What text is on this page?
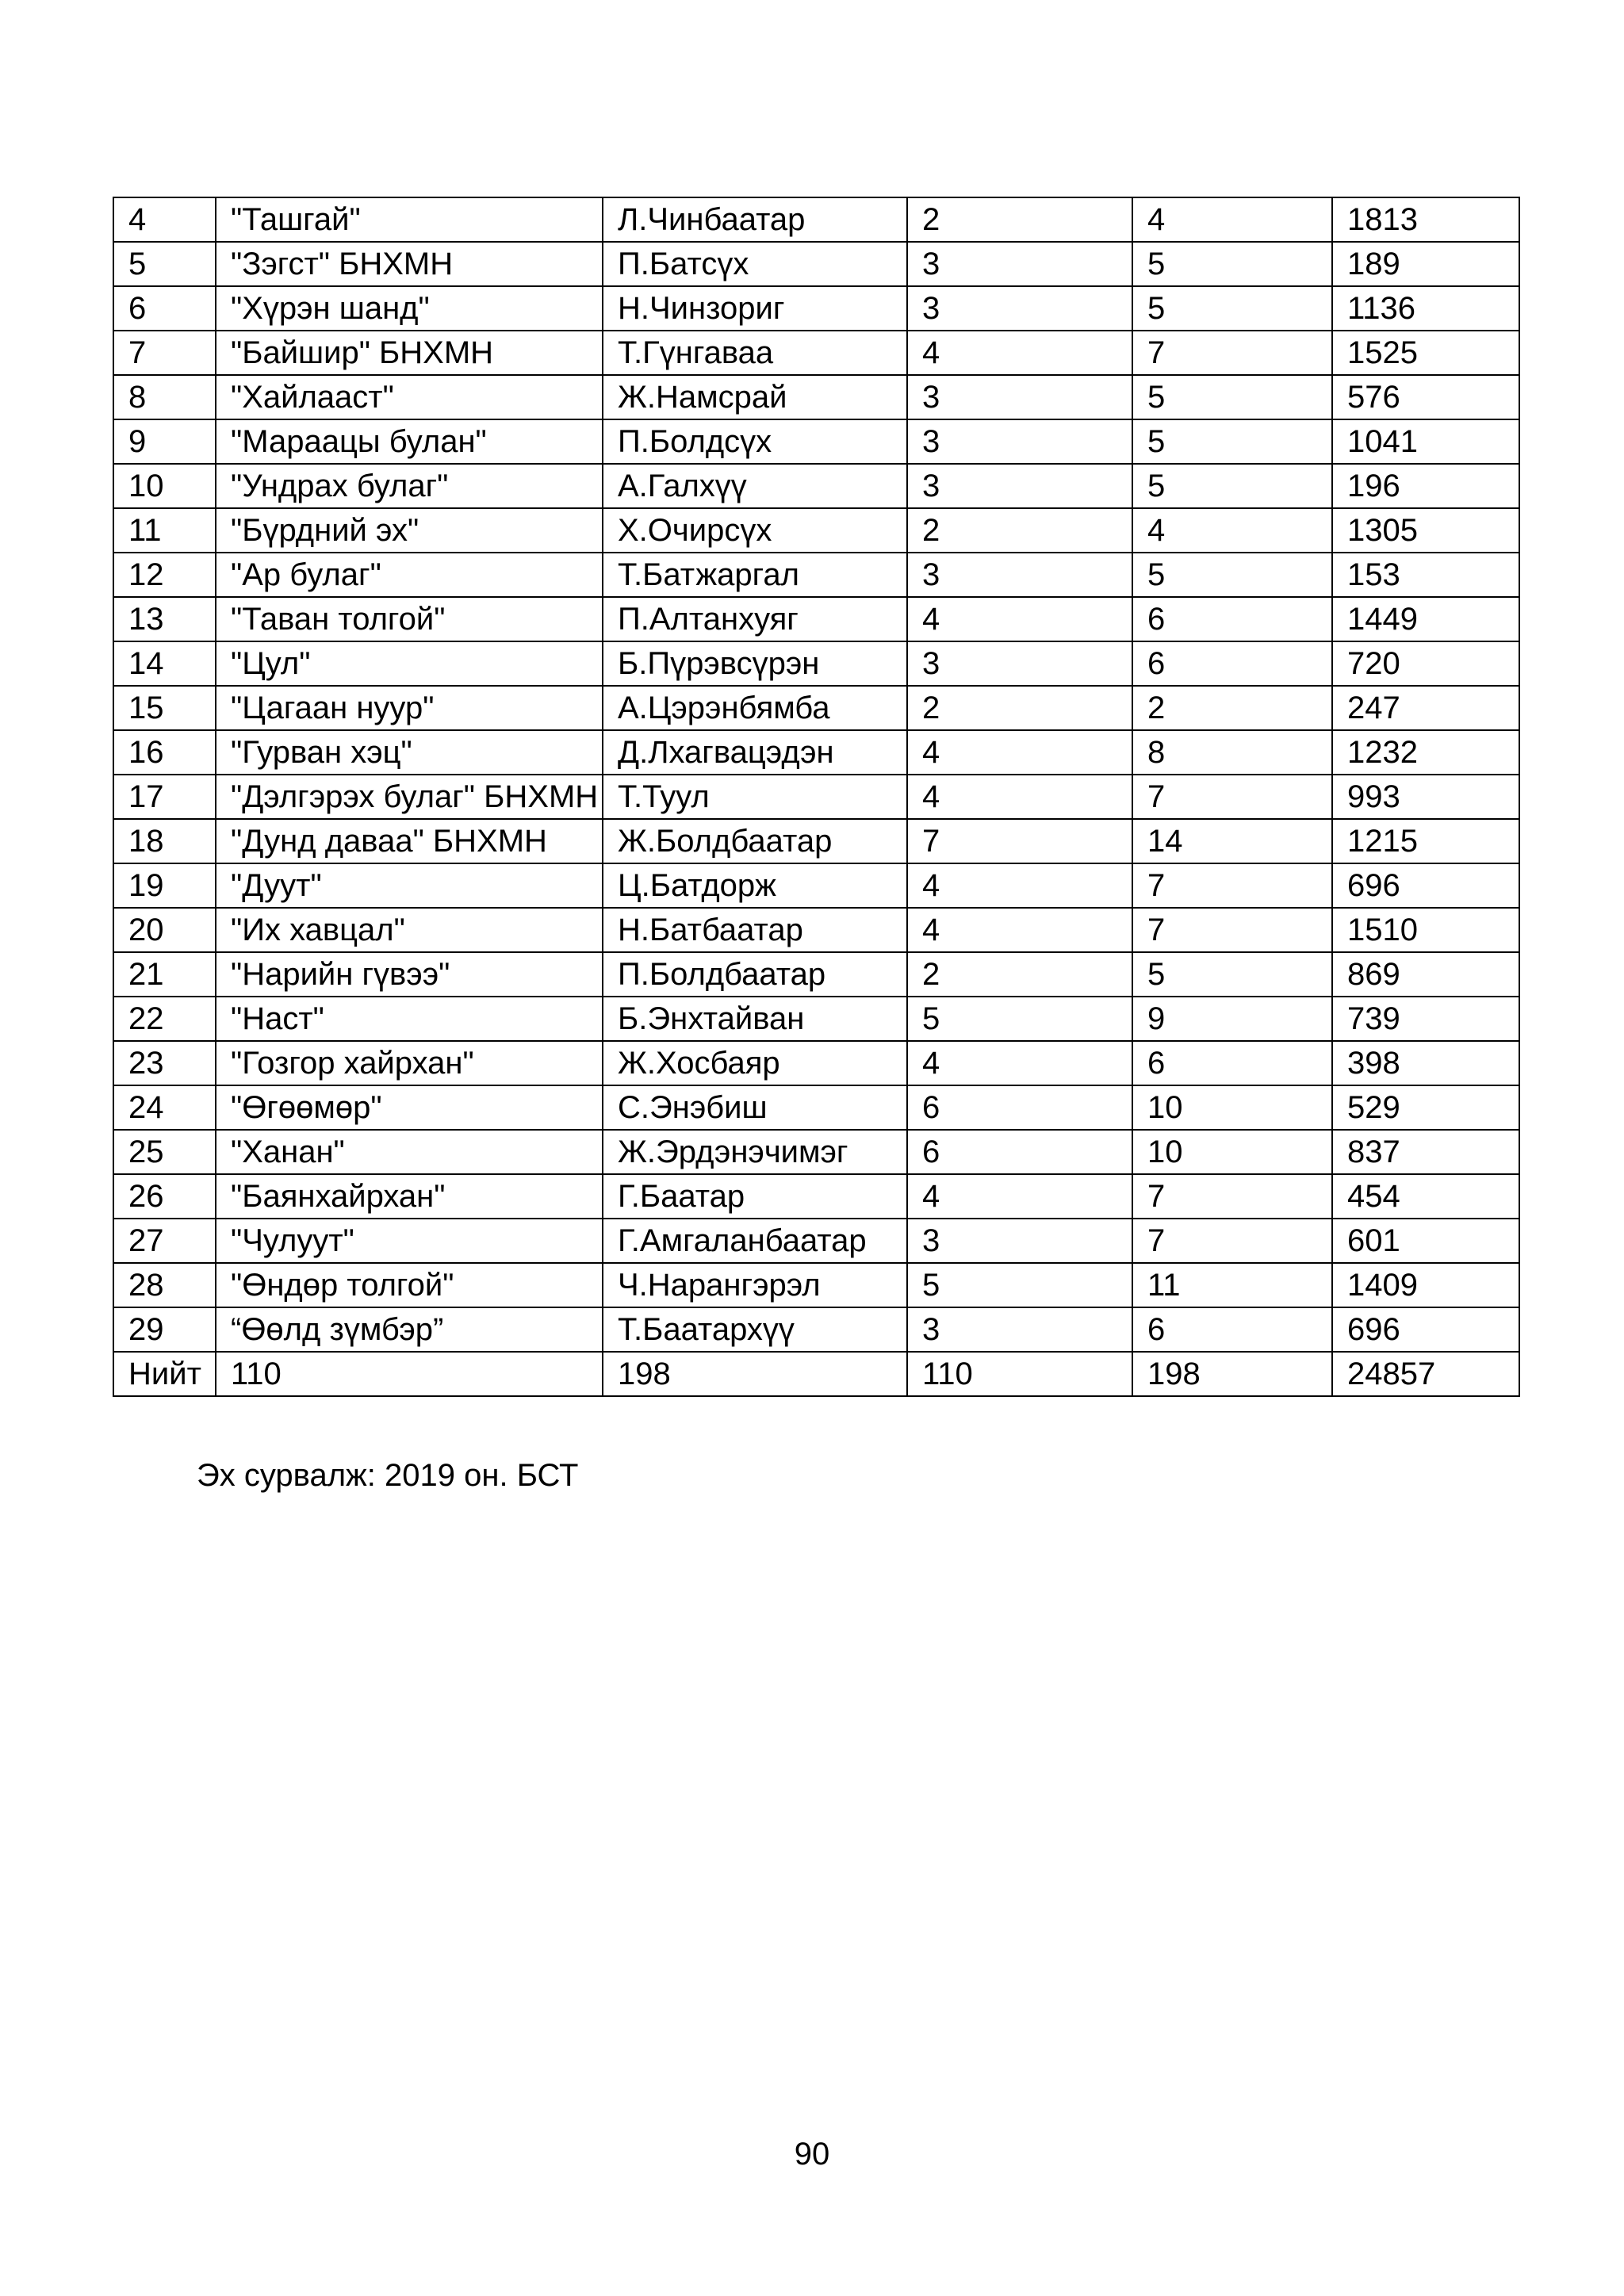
4	"Ташгай"	Л.Чинбаатар	2	4	1813
5	"Зэгст" БНХМН	П.Батсүх	3	5	189
6	"Хүрэн шанд"	Н.Чинзориг	3	5	1136
7	"Байшир" БНХМН	Т.Гүнгаваа	4	7	1525
8	"Хайлааст"	Ж.Намсрай	3	5	576
9	"Мараацы булан"	П.Болдсүх	3	5	1041
10	"Ундрах булаг"	А.Галхүү	3	5	196
11	"Бүрдний эх"	Х.Очирсүх	2	4	1305
12	"Ар булаг"	Т.Батжаргал	3	5	153
13	"Таван толгой"	П.Алтанхуяг	4	6	1449
14	"Цул"	Б.Пүрэвсүрэн	3	6	720
15	"Цагаан нуур"	А.Цэрэнбямба	2	2	247
16	"Гурван хэц"	Д.Лхагвацэдэн	4	8	1232
17	"Дэлгэрэх булаг" БНХМН	Т.Туул	4	7	993
18	"Дунд даваа" БНХМН	Ж.Болдбаатар	7	14	1215
19	"Дуут"	Ц.Батдорж	4	7	696
20	"Их хавцал"	Н.Батбаатар	4	7	1510
21	"Нарийн гүвээ"	П.Болдбаатар	2	5	869
22	"Наст"	Б.Энхтайван	5	9	739
23	"Гозгор хайрхан"	Ж.Хосбаяр	4	6	398
24	"Өгөөмөр"	С.Энэбиш	6	10	529
25	"Ханан"	Ж.Эрдэнэчимэг	6	10	837
26	"Баянхайрхан"	Г.Баатар	4	7	454
27	"Чулуут"	Г.Амгаланбаатар	3	7	601
28	"Өндөр толгой"	Ч.Нарангэрэл	5	11	1409
29	“Өөлд зүмбэр”	Т.Баатархүү	3	6	696
Нийт	110	198	110	198	24857
Эх сурвалж: 2019 он. БСТ
90
